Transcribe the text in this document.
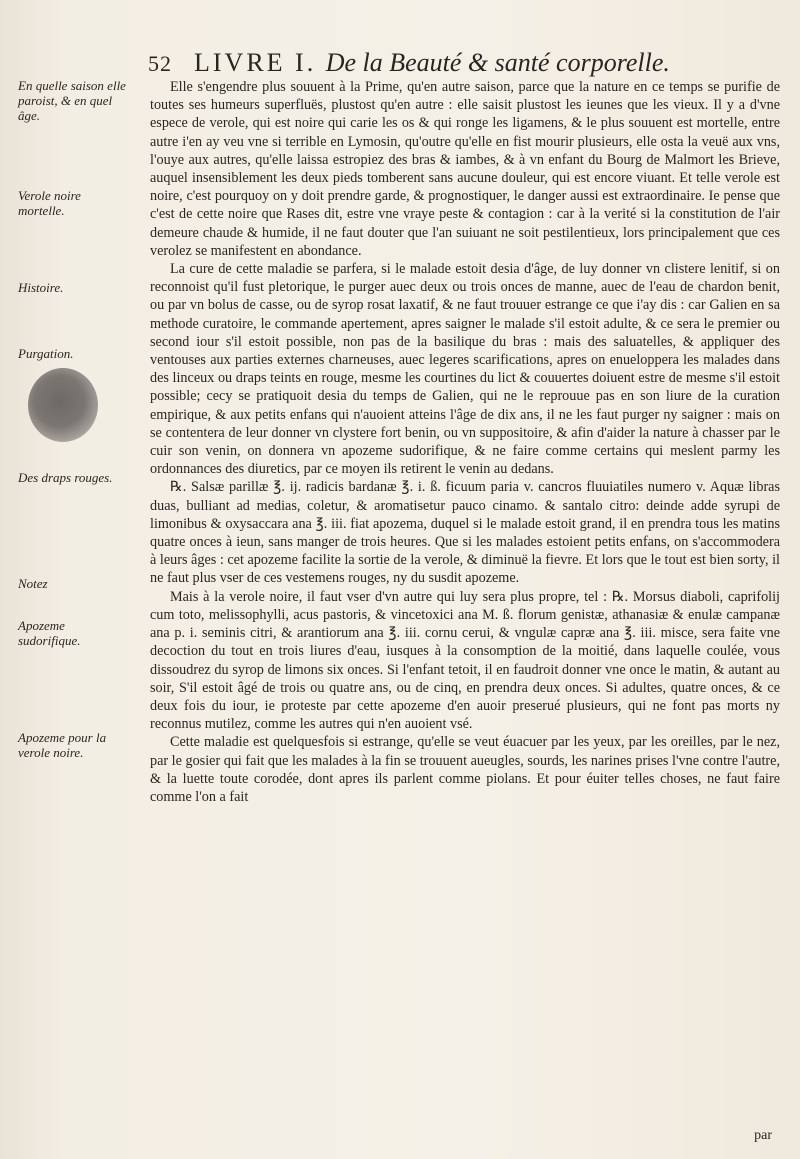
52 LIVRE I. De la Beauté & santé corporelle.
En quelle saison elle paroist, & en quel âge.
Verole noire mortelle.
Histoire.
Purgation.
Des draps rouges.
Notez
Apozeme sudorifique.
Apozeme pour la verole noire.

Elle s'engendre plus souuent à la Prime, qu'en autre saison, parce que la nature en ce temps se purifie de toutes ses humeurs superfluës, plustost qu'en autre : elle saisit plustost les ieunes que les vieux. Il y a d'vne espece de verole, qui est noire qui carie les os & qui ronge les ligamens, & le plus souuent est mortelle, entre autre i'en ay veu vne si terrible en Lymosin, qu'outre qu'elle en fist mourir plusieurs, elle osta la veuë aux vns, l'ouye aux autres, qu'elle laissa estropiez des bras & iambes, & à vn enfant du Bourg de Malmort les Brieve, auquel insensiblement les deux pieds tomberent sans aucune douleur, qui est encore viuant. Et telle verole est noire, c'est pourquoy on y doit prendre garde, & prognostiquer, le danger aussi est extraordinaire. Ie pense que c'est de cette noire que Rases dit, estre vne vraye peste & contagion : car à la verité si la constitution de l'air demeure chaude & humide, il ne faut douter que l'an suiuant ne soit pestilentieux, lors principalement que ces verolez se manifestent en abondance.

La cure de cette maladie se parfera, si le malade estoit desia d'âge, de luy donner vn clistere lenitif, si on reconnoist qu'il fust pletorique, le purger auec deux ou trois onces de manne, auec de l'eau de chardon benit, ou par vn bolus de casse, ou de syrop rosat laxatif, & ne faut trouuer estrange ce que i'ay dis : car Galien en sa methode curatoire, le commande apertement, apres saigner le malade s'il estoit adulte, & ce sera le premier ou second iour s'il estoit possible, non pas de la basilique du bras : mais des saluatelles, & appliquer des ventouses aux parties externes charneuses, auec legeres scarifications, apres on enueloppera les malades dans des linceux ou draps teints en rouge, mesme les courtines du lict & couuertes doiuent estre de mesme s'il estoit possible; cecy se pratiquoit desia du temps de Galien, qui ne le reprouue pas en son liure de la curation empirique, & aux petits enfans qui n'auoient atteins l'âge de dix ans, il ne les faut purger ny saigner : mais on se contentera de leur donner vn clystere fort benin, ou vn suppositoire, & afin d'aider la nature à chasser par le cuir son venin, on donnera vn apozeme sudorifique, & ne faire comme certains qui meslent parmy les ordonnances des diuretics, par ce moyen ils retirent le venin au dedans.

℞. Salsæ parillæ ℥. ij. radicis bardanæ ℥. i. ß. ficuum paria v. cancros fluuiatiles numero v. Aquæ libras duas, bulliant ad medias, coletur, & aromatisetur pauco cinamo. & santalo citro: deinde adde syrupi de limonibus & oxysaccara ana ℥. iii. fiat apozema, duquel si le malade estoit grand, il en prendra tous les matins quatre onces à ieun, sans manger de trois heures. Que si les malades estoient petits enfans, on s'accommodera à leurs âges : cet apozeme facilite la sortie de la verole, & diminuë la fievre. Et lors que le tout est bien sorty, il ne faut plus vser de ces vestemens rouges, ny du susdit apozeme.

Mais à la verole noire, il faut vser d'vn autre qui luy sera plus propre, tel : ℞. Morsus diaboli, caprifolij cum toto, melissophylli, acus pastoris, & vincetoxici ana M. ß. florum genistæ, athanasiæ & enulæ campanæ ana p. i. seminis citri, & arantiorum ana ℥. iii. cornu cerui, & vngulæ capræ ana ℥. iii. misce, sera faite vne decoction du tout en trois liures d'eau, iusques à la consomption de la moitié, dans laquelle coulée, vous dissoudrez du syrop de limons six onces. Si l'enfant tetoit, il en faudroit donner vne once le matin, & autant au soir, S'il estoit âgé de trois ou quatre ans, ou de cinq, en prendra deux onces. Si adultes, quatre onces, & ce deux fois du iour, ie proteste par cette apozeme d'en auoir preserué plusieurs, qui ne font pas morts ny reconnus mutilez, comme les autres qui n'en auoient vsé.

Cette maladie est quelquesfois si estrange, qu'elle se veut éuacuer par les yeux, par les oreilles, par le nez, par le gosier qui fait que les malades à la fin se trouuent aueugles, sourds, les narines prises l'vne contre l'autre, & la luette toute corodée, dont apres ils parlent comme piolans. Et pour éuiter telles choses, ne faut faire comme l'on a fait

par
